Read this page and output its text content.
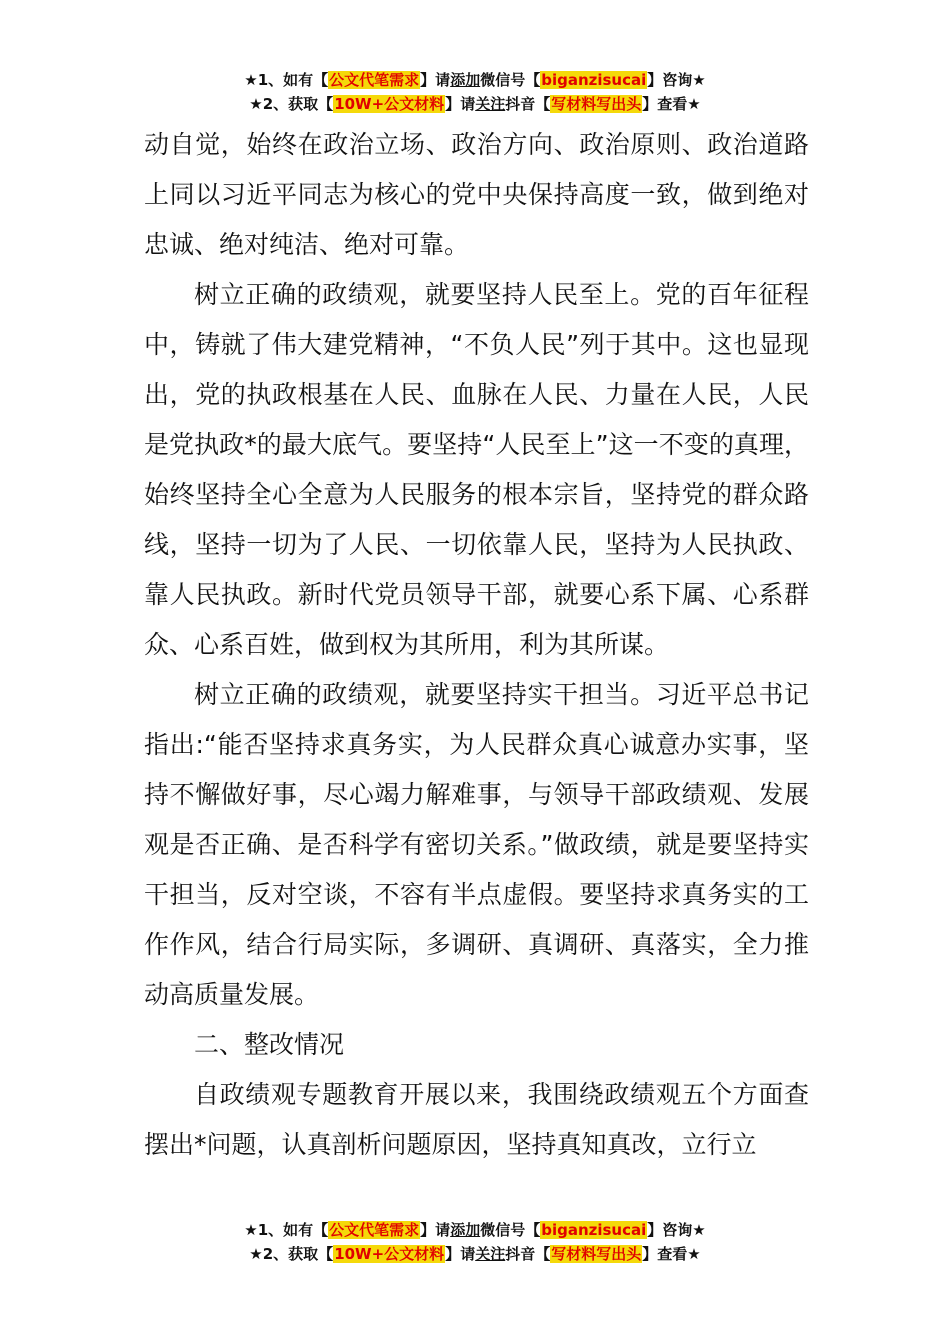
★1、如有【公文代笔需求】请添加微信号【biganzisucai】咨询★
★2、获取【10W+公文材料】请关注抖音【写材料写出头】查看★

动自觉，始终在政治立场、政治方向、政治原则、政治道路上同以习近平同志为核心的党中央保持高度一致，做到绝对忠诚、绝对纯洁、绝对可靠。

树立正确的政绩观，就要坚持人民至上。党的百年征程中，铸就了伟大建党精神，“不负人民”列于其中。这也显现出，党的执政根基在人民、血脉在人民、力量在人民，人民是党执政*的最大底气。要坚持“人民至上”这一不变的真理，始终坚持全心全意为人民服务的根本宗旨，坚持党的群众路线，坚持一切为了人民、一切依靠人民，坚持为人民执政、靠人民执政。新时代党员领导干部，就要心系下属、心系群众、心系百姓，做到权为其所用，利为其所谋。

树立正确的政绩观，就要坚持实干担当。习近平总书记指出:“能否坚持求真务实，为人民群众真心诚意办实事，坚持不懈做好事，尽心竭力解难事，与领导干部政绩观、发展观是否正确、是否科学有密切关系。”做政绩，就是要坚持实干担当，反对空谈，不容有半点虚假。要坚持求真务实的工作作风，结合行局实际，多调研、真调研、真落实，全力推动高质量发展。

二、整改情况

自政绩观专题教育开展以来，我围绕政绩观五个方面查摆出*问题，认真剖析问题原因，坚持真知真改，立行立

★1、如有【公文代笔需求】请添加微信号【biganzisucai】咨询★
★2、获取【10W+公文材料】请关注抖音【写材料写出头】查看★
